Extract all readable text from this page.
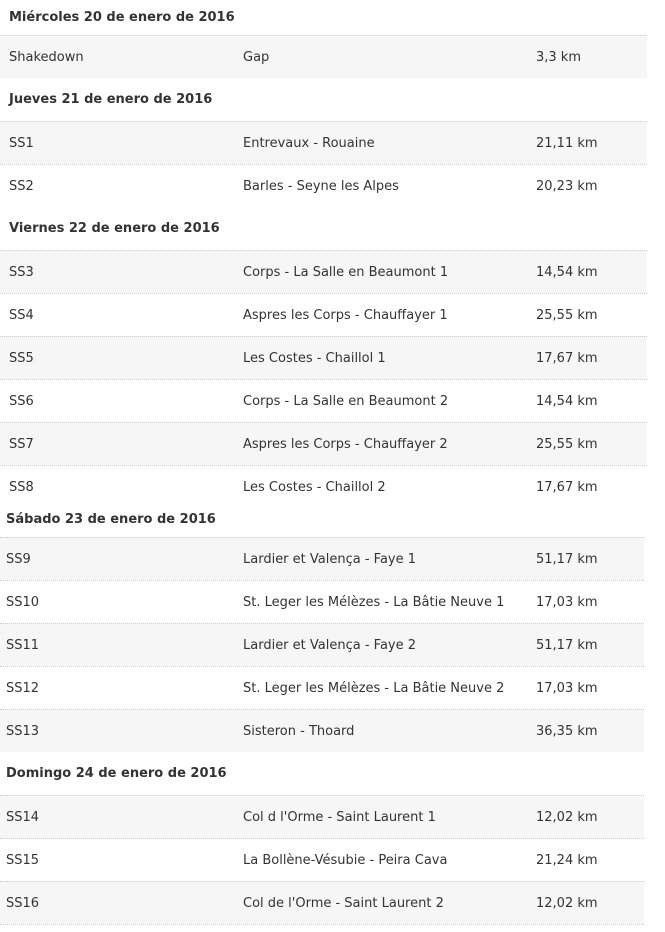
Miércoles 20 de enero de 2016
Shakedown	Gap	3,3 km
Jueves 21 de enero de 2016
SS1	Entrevaux - Rouaine	21,11 km
SS2	Barles - Seyne les Alpes	20,23 km
Viernes 22 de enero de 2016
SS3	Corps - La Salle en Beaumont 1	14,54 km
SS4	Aspres les Corps - Chauffayer 1	25,55 km
SS5	Les Costes - Chaillol 1	17,67 km
SS6	Corps - La Salle en Beaumont 2	14,54 km
SS7	Aspres les Corps - Chauffayer 2	25,55 km
SS8	Les Costes - Chaillol 2	17,67 km
Sábado 23 de enero de 2016
SS9	Lardier et Valença - Faye 1	51,17 km
SS10	St. Leger les Mélèzes - La Bâtie Neuve 1	17,03 km
SS11	Lardier et Valença - Faye 2	51,17 km
SS12	St. Leger les Mélèzes - La Bâtie Neuve 2	17,03 km
SS13	Sisteron - Thoard	36,35 km
Domingo 24 de enero de 2016
SS14	Col d l'Orme - Saint Laurent 1	12,02 km
SS15	La Bollène-Vésubie - Peira Cava	21,24 km
SS16	Col de l'Orme - Saint Laurent 2	12,02 km
